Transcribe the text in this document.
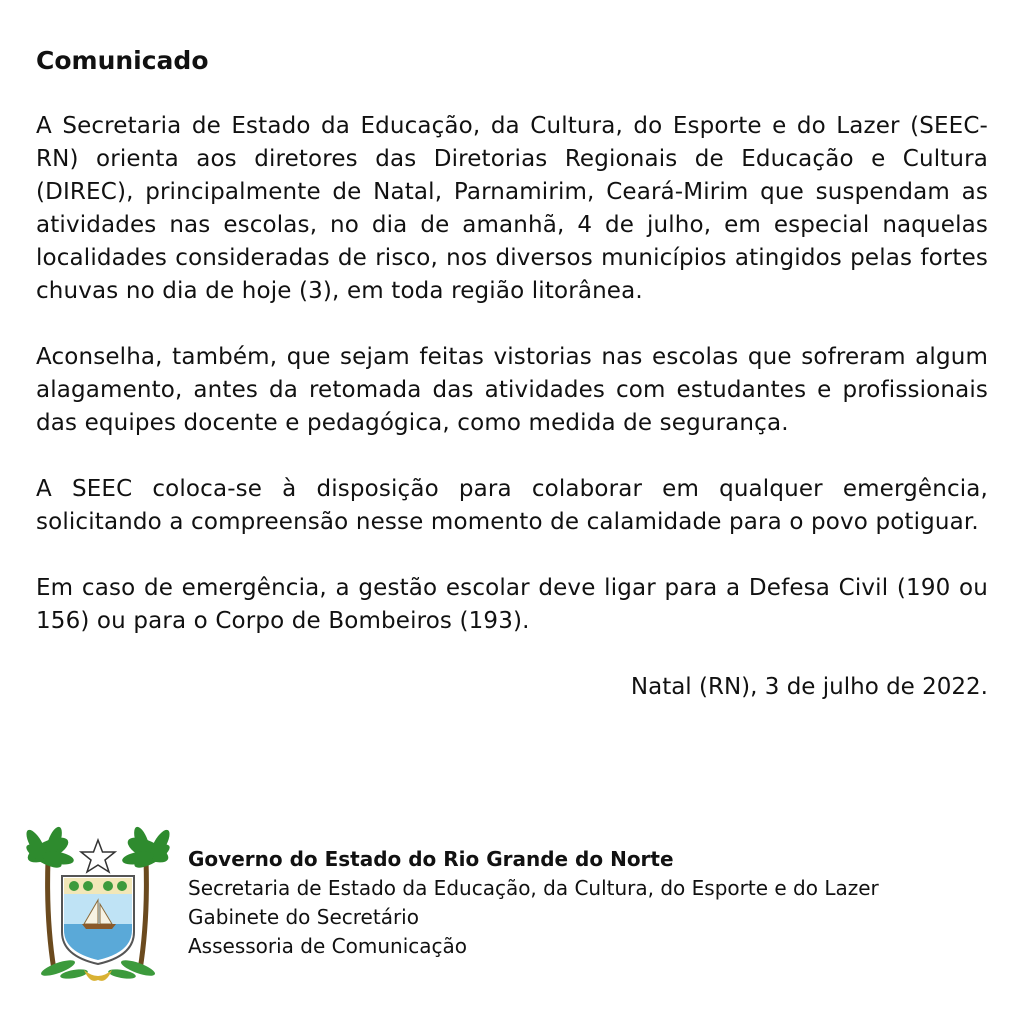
Comunicado

A Secretaria de Estado da Educação, da Cultura, do Esporte e do Lazer (SEEC-RN) orienta aos diretores das Diretorias Regionais de Educação e Cultura (DIREC), principalmente de Natal, Parnamirim, Ceará-Mirim que suspendam as atividades nas escolas, no dia de amanhã, 4 de julho, em especial naquelas localidades consideradas de risco, nos diversos municípios atingidos pelas fortes chuvas no dia de hoje (3), em toda região litorânea.

Aconselha, também, que sejam feitas vistorias nas escolas que sofreram algum alagamento, antes da retomada das atividades com estudantes e profissionais das equipes docente e pedagógica, como medida de segurança.

A SEEC coloca-se à disposição para colaborar em qualquer emergência, solicitando a compreensão nesse momento de calamidade para o povo potiguar.

Em caso de emergência, a gestão escolar deve ligar para a Defesa Civil (190 ou 156) ou para o Corpo de Bombeiros (193).

Natal (RN), 3 de julho de 2022.

Governo do Estado do Rio Grande do Norte
Secretaria de Estado da Educação, da Cultura, do Esporte e do Lazer
Gabinete do Secretário
Assessoria de Comunicação
